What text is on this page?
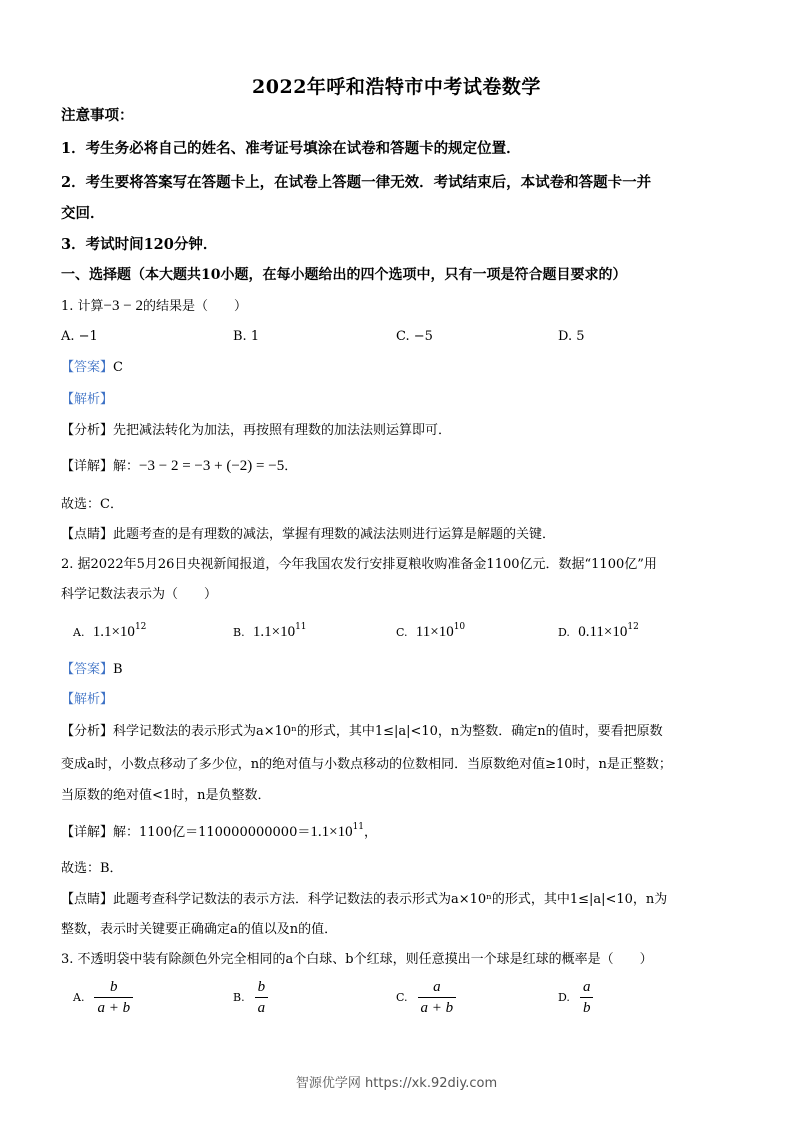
2022年呼和浩特市中考试卷数学
注意事项：
1．考生务必将自己的姓名、准考证号填涂在试卷和答题卡的规定位置．
2．考生要将答案写在答题卡上，在试卷上答题一律无效．考试结束后，本试卷和答题卡一并
交回．
3．考试时间120分钟．
一、选择题（本大题共10小题，在每小题给出的四个选项中，只有一项是符合题目要求的）
1. 计算−3 − 2的结果是（　　）
A. −1	B. 1	C. −5	D. 5
【答案】C
【解析】
【分析】先把减法转化为加法，再按照有理数的加法法则运算即可．
【详解】解：−3 − 2 = −3 + (−2) = −5．
故选：C．
【点睛】此题考查的是有理数的减法，掌握有理数的减法法则进行运算是解题的关键．
2. 据2022年5月26日央视新闻报道，今年我国农发行安排夏粮收购准备金1100亿元．数据“1100亿”用
科学记数法表示为（　　）
A. $1.1\times 10^{12}$	B. $1.1\times 10^{11}$	C. $11\times 10^{10}$	D. $0.11\times 10^{12}$
【答案】B
【解析】
【分析】科学记数法的表示形式为a×10ⁿ的形式，其中1≤|a|<10，n为整数．确定n的值时，要看把原数
变成a时，小数点移动了多少位，n的绝对值与小数点移动的位数相同．当原数绝对值≥10时，n是正整数；
当原数的绝对值<1时，n是负整数．
【详解】解：1100亿$=110000000000=1.1\times 10^{11}$，
故选：B．
【点睛】此题考查科学记数法的表示方法．科学记数法的表示形式为a×10ⁿ的形式，其中1≤|a|<10，n为
整数，表示时关键要正确确定a的值以及n的值．
3. 不透明袋中装有除颜色外完全相同的a个白球、b个红球，则任意摸出一个球是红球的概率是（　　）
A. $\frac{b}{a + b}$	B. $\frac{b}{a}$	C. $\frac{a}{a + b}$	D. $\frac{a}{b}$
智源优学网 https://xk.92diy.com
